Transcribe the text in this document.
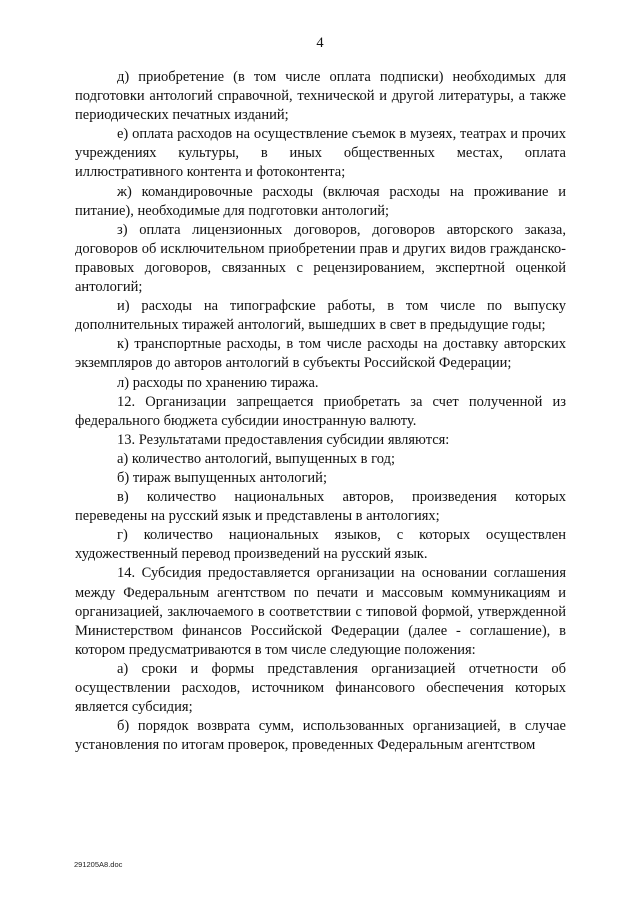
4

д) приобретение (в том числе оплата подписки) необходимых для подготовки антологий справочной, технической и другой литературы, а также периодических печатных изданий;

е) оплата расходов на осуществление съемок в музеях, театрах и прочих учреждениях культуры, в иных общественных местах, оплата иллюстративного контента и фотоконтента;

ж) командировочные расходы (включая расходы на проживание и питание), необходимые для подготовки антологий;

з) оплата лицензионных договоров, договоров авторского заказа, договоров об исключительном приобретении прав и других видов гражданско-правовых договоров, связанных с рецензированием, экспертной оценкой антологий;

и) расходы на типографские работы, в том числе по выпуску дополнительных тиражей антологий, вышедших в свет в предыдущие годы;

к) транспортные расходы, в том числе расходы на доставку авторских экземпляров до авторов антологий в субъекты Российской Федерации;

л) расходы по хранению тиража.

12. Организации запрещается приобретать за счет полученной из федерального бюджета субсидии иностранную валюту.

13. Результатами предоставления субсидии являются:

а) количество антологий, выпущенных в год;

б) тираж выпущенных антологий;

в) количество национальных авторов, произведения которых переведены на русский язык и представлены в антологиях;

г) количество национальных языков, с которых осуществлен художественный перевод произведений на русский язык.

14. Субсидия предоставляется организации на основании соглашения между Федеральным агентством по печати и массовым коммуникациям и организацией, заключаемого в соответствии с типовой формой, утвержденной Министерством финансов Российской Федерации (далее - соглашение), в котором предусматриваются в том числе следующие положения:

а) сроки и формы представления организацией отчетности об осуществлении расходов, источником финансового обеспечения которых является субсидия;

б) порядок возврата сумм, использованных организацией, в случае установления по итогам проверок, проведенных Федеральным агентством

291205A8.doc
